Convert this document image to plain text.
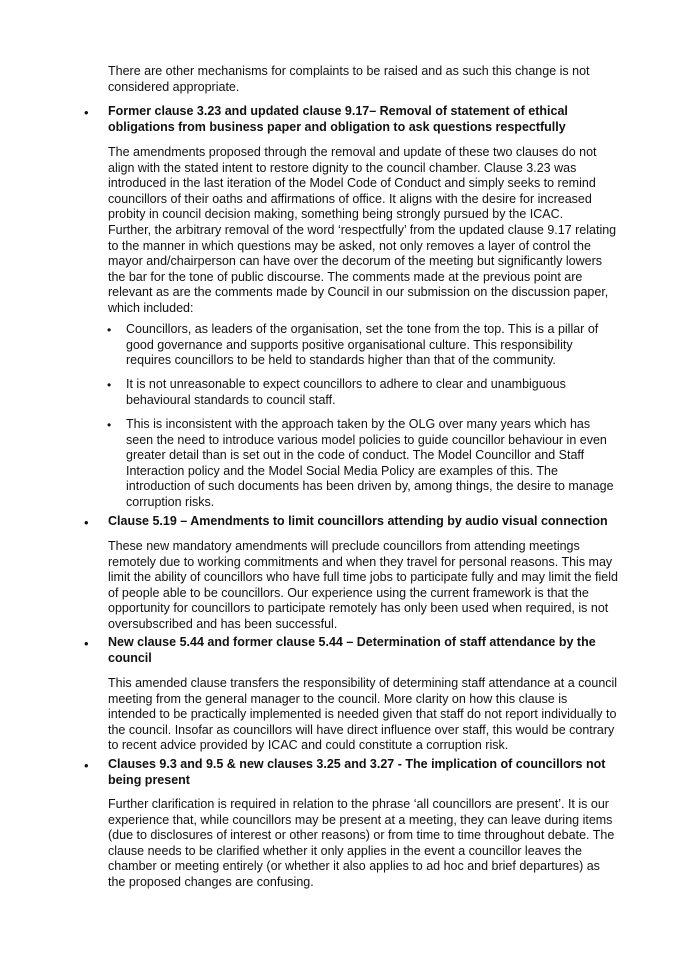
There are other mechanisms for complaints to be raised and as such this change is not considered appropriate.

• Former clause 3.23 and updated clause 9.17– Removal of statement of ethical obligations from business paper and obligation to ask questions respectfully

The amendments proposed through the removal and update of these two clauses do not align with the stated intent to restore dignity to the council chamber. Clause 3.23 was introduced in the last iteration of the Model Code of Conduct and simply seeks to remind councillors of their oaths and affirmations of office. It aligns with the desire for increased probity in council decision making, something being strongly pursued by the ICAC.

Further, the arbitrary removal of the word ‘respectfully’ from the updated clause 9.17 relating to the manner in which questions may be asked, not only removes a layer of control the mayor and/chairperson can have over the decorum of the meeting but significantly lowers the bar for the tone of public discourse. The comments made at the previous point are relevant as are the comments made by Council in our submission on the discussion paper, which included:

• Councillors, as leaders of the organisation, set the tone from the top. This is a pillar of good governance and supports positive organisational culture. This responsibility requires councillors to be held to standards higher than that of the community.

• It is not unreasonable to expect councillors to adhere to clear and unambiguous behavioural standards to council staff.

• This is inconsistent with the approach taken by the OLG over many years which has seen the need to introduce various model policies to guide councillor behaviour in even greater detail than is set out in the code of conduct. The Model Councillor and Staff Interaction policy and the Model Social Media Policy are examples of this. The introduction of such documents has been driven by, among things, the desire to manage corruption risks.

• Clause 5.19 – Amendments to limit councillors attending by audio visual connection

These new mandatory amendments will preclude councillors from attending meetings remotely due to working commitments and when they travel for personal reasons. This may limit the ability of councillors who have full time jobs to participate fully and may limit the field of people able to be councillors. Our experience using the current framework is that the opportunity for councillors to participate remotely has only been used when required, is not oversubscribed and has been successful.

• New clause 5.44 and former clause 5.44 – Determination of staff attendance by the council

This amended clause transfers the responsibility of determining staff attendance at a council meeting from the general manager to the council. More clarity on how this clause is intended to be practically implemented is needed given that staff do not report individually to the council. Insofar as councillors will have direct influence over staff, this would be contrary to recent advice provided by ICAC and could constitute a corruption risk.

• Clauses 9.3 and 9.5 & new clauses 3.25 and 3.27 - The implication of councillors not being present

Further clarification is required in relation to the phrase ‘all councillors are present’. It is our experience that, while councillors may be present at a meeting, they can leave during items (due to disclosures of interest or other reasons) or from time to time throughout debate. The clause needs to be clarified whether it only applies in the event a councillor leaves the chamber or meeting entirely (or whether it also applies to ad hoc and brief departures) as the proposed changes are confusing.
